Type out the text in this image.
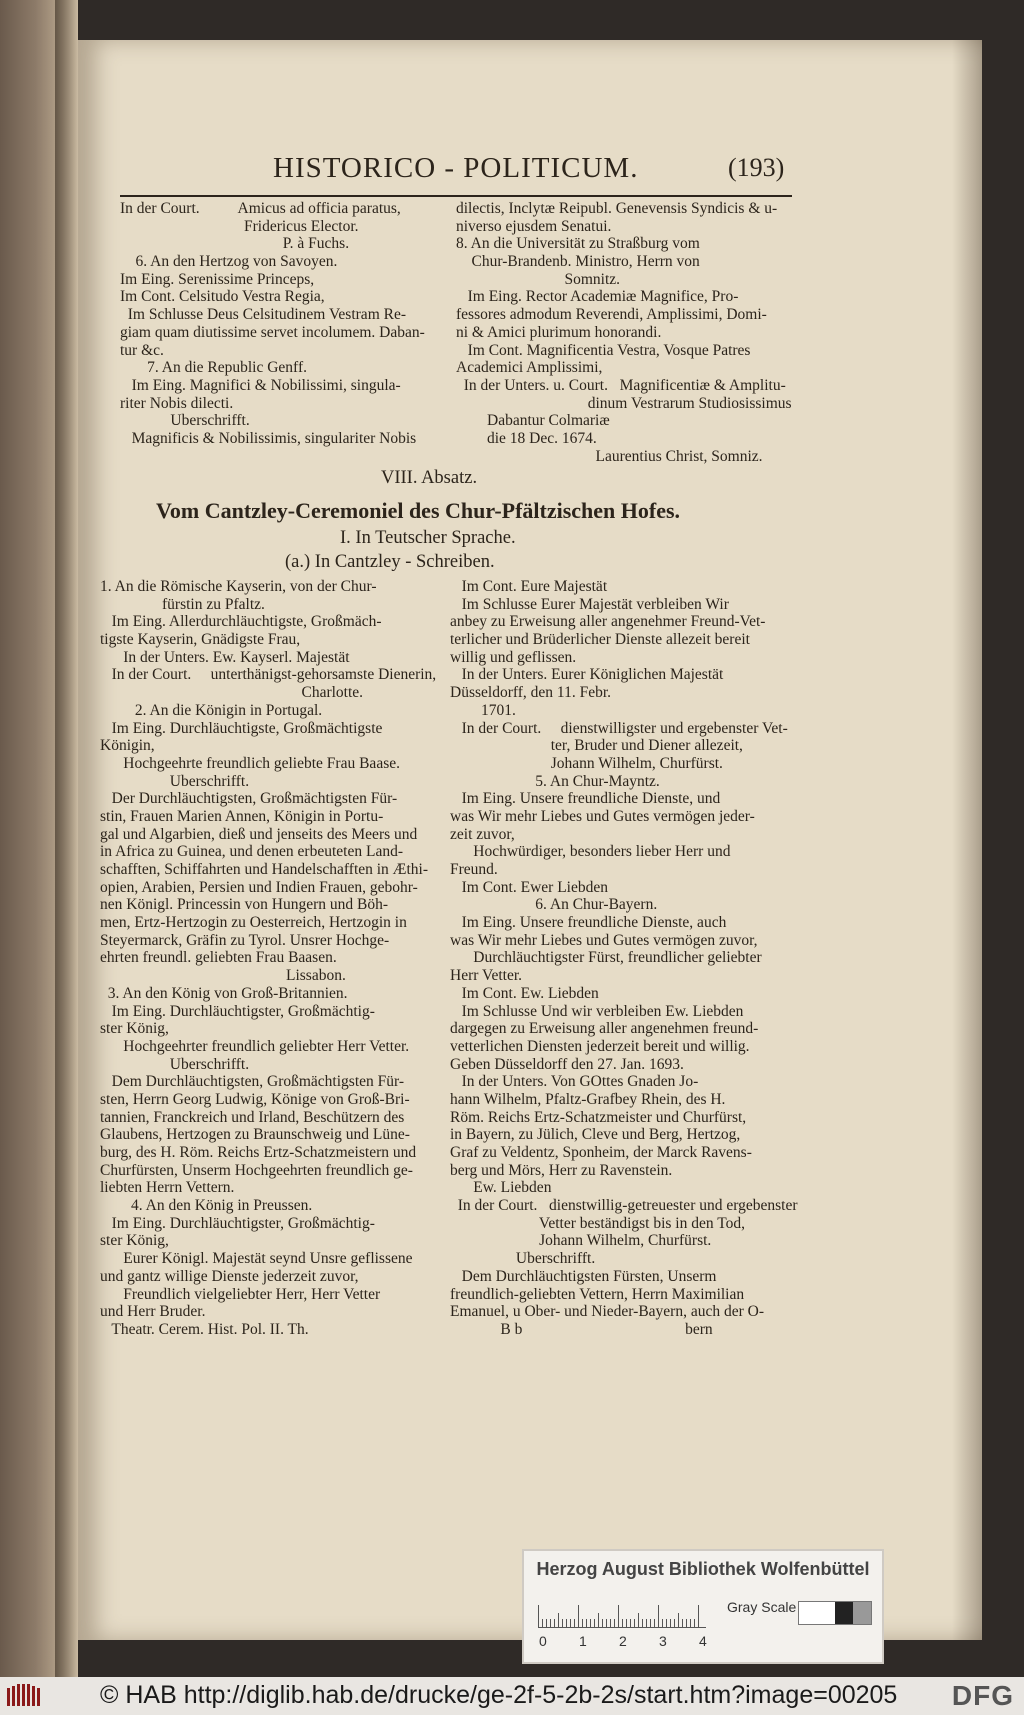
HISTORICO - POLITICUM.	(193)
In der Court.          Amicus ad officia paratus,
Fridericus Elector.
P. à Fuchs.
6. An den Hertzog von Savoyen.
Im Eing. Serenissime Princeps,
Im Cont. Celsitudo Vestra Regia,
Im Schlusse Deus Celsitudinem Vestram Re-
giam quam diutissime servet incolumem. Daban-
tur &c.
7. An die Republic Genff.
Im Eing. Magnifici & Nobilissimi, singula-
riter Nobis dilecti.
Uberschrifft.
Magnificis & Nobilissimis, singulariter Nobis
dilectis, Inclytæ Reipubl. Genevensis Syndicis & u-
niverso ejusdem Senatui.
8. An die Universität zu Straßburg vom
Chur-Brandenb. Ministro, Herrn von
Somnitz.
Im Eing. Rector Academiæ Magnifice, Pro-
fessores admodum Reverendi, Amplissimi, Domi-
ni & Amici plurimum honorandi.
Im Cont. Magnificentia Vestra, Vosque Patres
Academici Amplissimi,
In der Unters. u. Court.   Magnificentiæ & Amplitu-
dinum Vestrarum Studiosissimus
Dabantur Colmariæ
die 18 Dec. 1674.
Laurentius Christ, Somniz.
VIII. Absatz.
Vom Cantzley-Ceremoniel des Chur-Pfältzischen Hofes.
I. In Teutscher Sprache.
(a.) In Cantzley - Schreiben.
1. An die Römische Kayserin, von der Chur-
fürstin zu Pfaltz.
Im Eing. Allerdurchläuchtigste, Großmäch-
tigste Kayserin, Gnädigste Frau,
In der Unters. Ew. Kayserl. Majestät
In der Court.     unterthänigst-gehorsamste Dienerin,
Charlotte.
2. An die Königin in Portugal.
Im Eing. Durchläuchtigste, Großmächtigste
Königin,
Hochgeehrte freundlich geliebte Frau Baase.
Uberschrifft.
Der Durchläuchtigsten, Großmächtigsten Für-
stin, Frauen Marien Annen, Königin in Portu-
gal und Algarbien, dieß und jenseits des Meers und
in Africa zu Guinea, und denen erbeuteten Land-
schafften, Schiffahrten und Handelschafften in Æthi-
opien, Arabien, Persien und Indien Frauen, gebohr-
nen Königl. Princessin von Hungern und Böh-
men, Ertz-Hertzogin zu Oesterreich, Hertzogin in
Steyermarck, Gräfin zu Tyrol. Unsrer Hochge-
ehrten freundl. geliebten Frau Baasen.
Lissabon.
3. An den König von Groß-Britannien.
Im Eing. Durchläuchtigster, Großmächtig-
ster König,
Hochgeehrter freundlich geliebter Herr Vetter.
Uberschrifft.
Dem Durchläuchtigsten, Großmächtigsten Für-
sten, Herrn Georg Ludwig, Könige von Groß-Bri-
tannien, Franckreich und Irland, Beschützern des
Glaubens, Hertzogen zu Braunschweig und Lüne-
burg, des H. Röm. Reichs Ertz-Schatzmeistern und
Churfürsten, Unserm Hochgeehrten freundlich ge-
liebten Herrn Vettern.
4. An den König in Preussen.
Im Eing. Durchläuchtigster, Großmächtig-
ster König,
Eurer Königl. Majestät seynd Unsre geflissene
und gantz willige Dienste jederzeit zuvor,
Freundlich vielgeliebter Herr, Herr Vetter
und Herr Bruder.
Theatr. Cerem. Hist. Pol. II. Th.
Im Cont. Eure Majestät
Im Schlusse Eurer Majestät verbleiben Wir
anbey zu Erweisung aller angenehmer Freund-Vet-
terlicher und Brüderlicher Dienste allezeit bereit
willig und geflissen.
In der Unters. Eurer Königlichen Majestät
Düsseldorff, den 11. Febr.
1701.
In der Court.     dienstwilligster und ergebenster Vet-
ter, Bruder und Diener allezeit,
Johann Wilhelm, Churfürst.
5. An Chur-Mayntz.
Im Eing. Unsere freundliche Dienste, und
was Wir mehr Liebes und Gutes vermögen jeder-
zeit zuvor,
Hochwürdiger, besonders lieber Herr und
Freund.
Im Cont. Ewer Liebden
6. An Chur-Bayern.
Im Eing. Unsere freundliche Dienste, auch
was Wir mehr Liebes und Gutes vermögen zuvor,
Durchläuchtigster Fürst, freundlicher geliebter
Herr Vetter.
Im Cont. Ew. Liebden
Im Schlusse Und wir verbleiben Ew. Liebden
dargegen zu Erweisung aller angenehmen freund-
vetterlichen Diensten jederzeit bereit und willig.
Geben Düsseldorff den 27. Jan. 1693.
In der Unters. Von GOttes Gnaden Jo-
hann Wilhelm, Pfaltz-Grafbey Rhein, des H.
Röm. Reichs Ertz-Schatzmeister und Churfürst,
in Bayern, zu Jülich, Cleve und Berg, Hertzog,
Graf zu Veldentz, Sponheim, der Marck Ravens-
berg und Mörs, Herr zu Ravenstein.
Ew. Liebden
In der Court.   dienstwillig-getreuester und ergebenster
Vetter beständigst bis in den Tod,
Johann Wilhelm, Churfürst.
Uberschrifft.
Dem Durchläuchtigsten Fürsten, Unserm
freundlich-geliebten Vettern, Herrn Maximilian
Emanuel, u Ober- und Nieder-Bayern, auch der O-
B b                                          bern
Herzog August Bibliothek Wolfenbüttel
Gray Scale
0 1 2 3 4
© HAB http://diglib.hab.de/drucke/ge-2f-5-2b-2s/start.htm?image=00205 DFG
